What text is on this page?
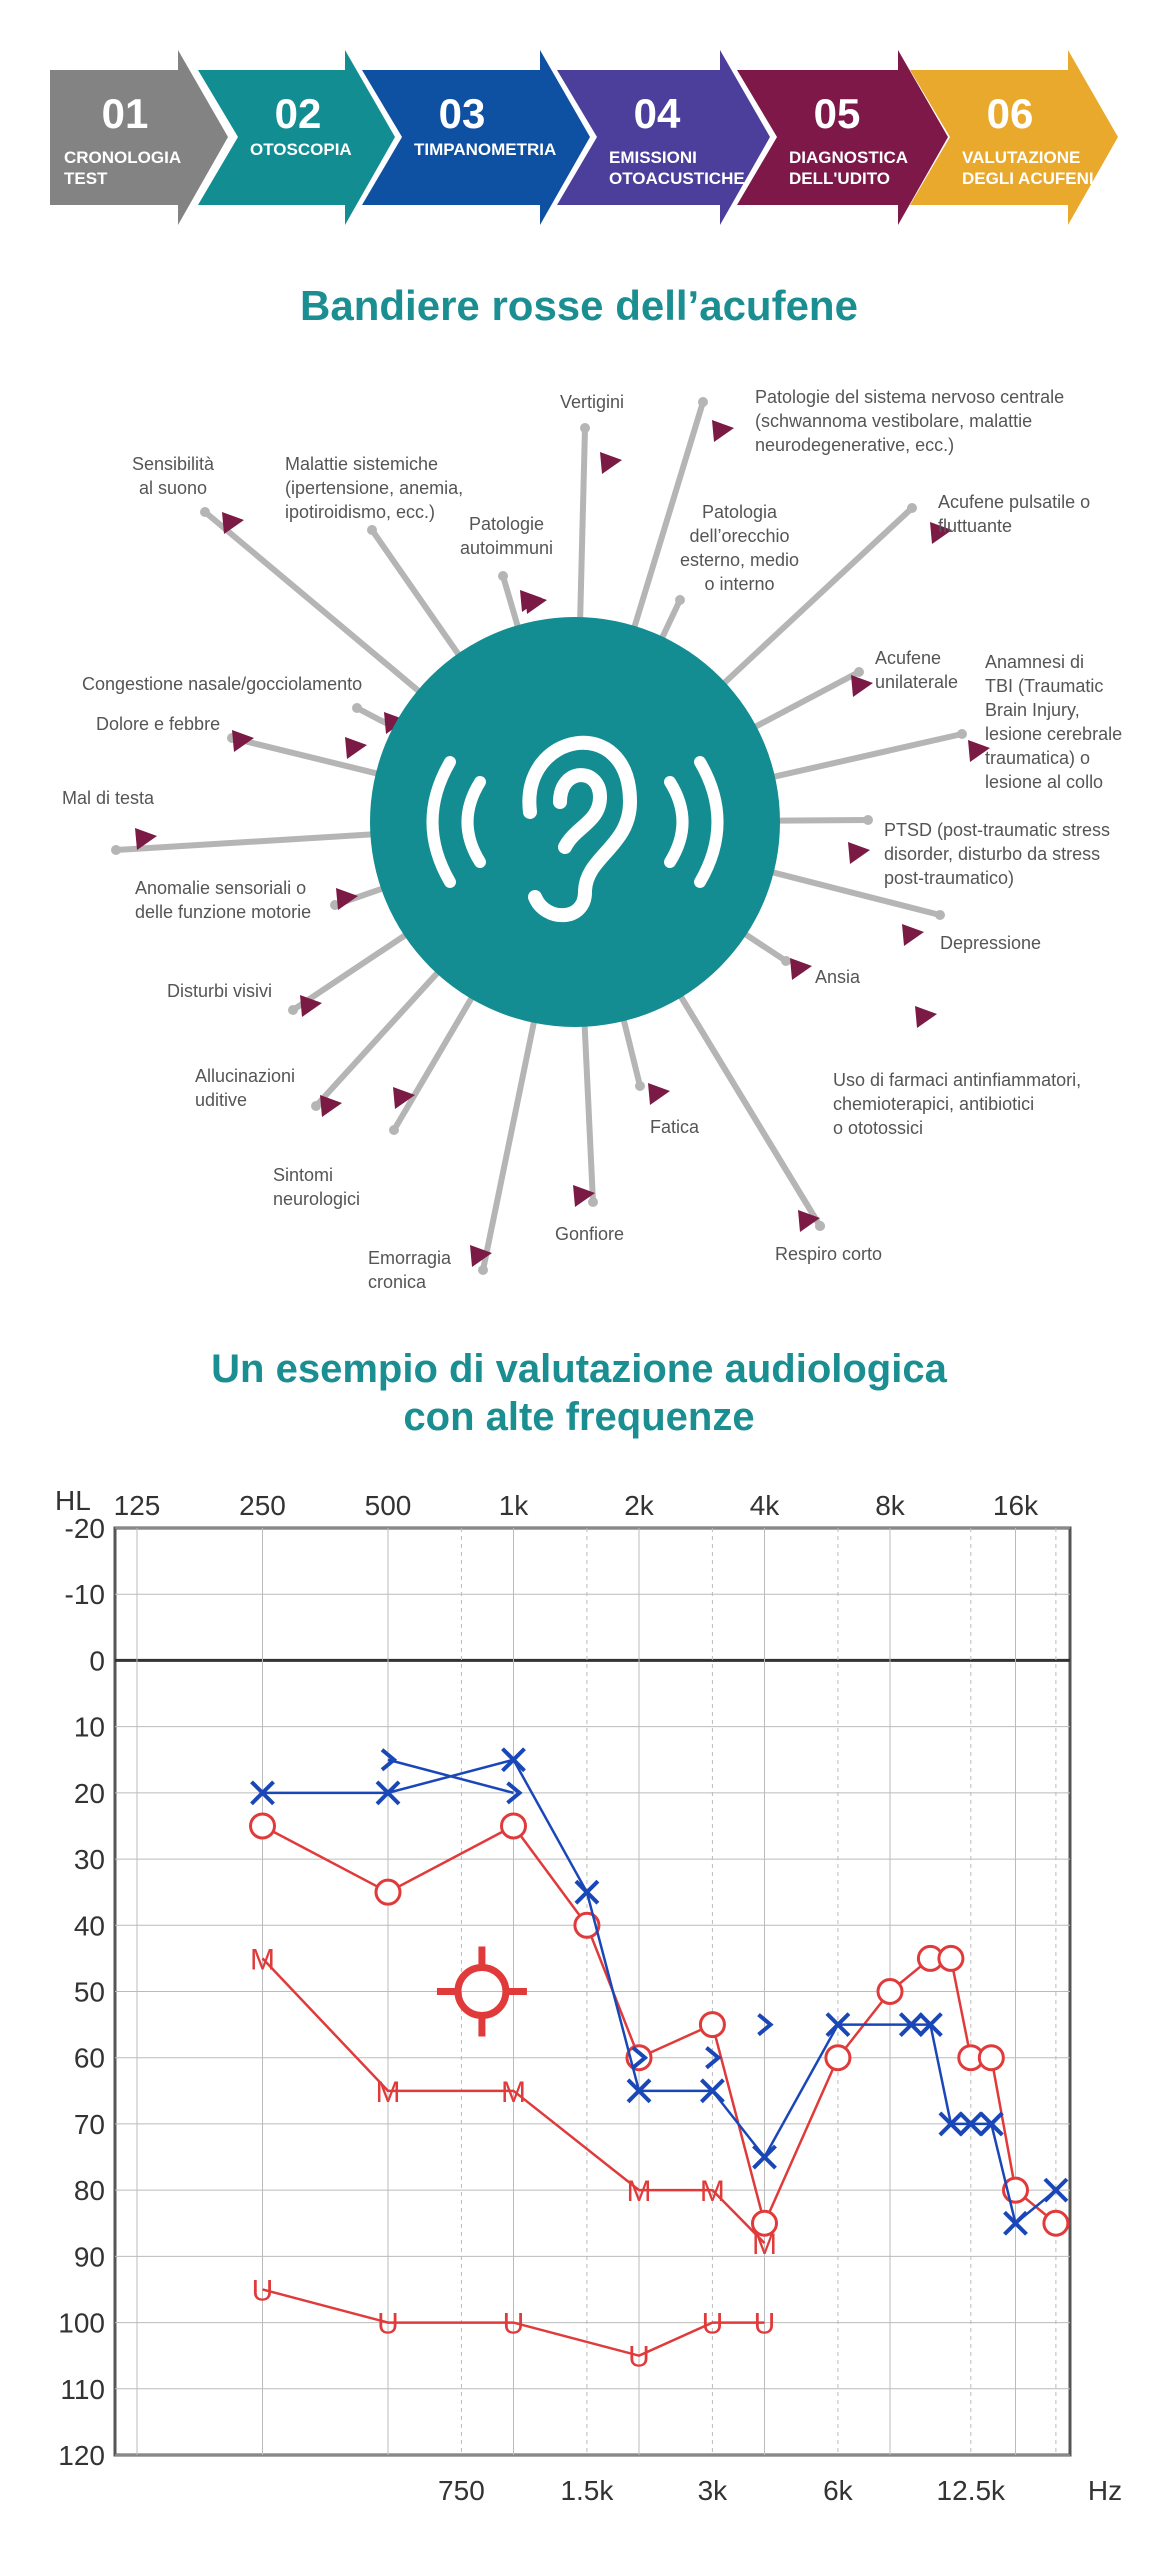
01
CRONOLOGIA
TEST
02
OTOSCOPIA
03
TIMPANOMETRIA
04
EMISSIONI
OTOACUSTICHE
05
DIAGNOSTICA
DELL'UDITO
06
VALUTAZIONE
DEGLI ACUFENI
Bandiere rosse dell’acufene
Vertigini	Patologie del sistema nervoso centrale
(schwannoma vestibolare, malattie
neurodegenerative, ecc.)
Sensibilità
al suono
Malattie sistemiche
(ipertensione, anemia,
ipotiroidismo, ecc.)
Patologie
autoimmuni
Patologia
dell’orecchio
esterno, medio
o interno
Acufene pulsatile o
fluttuante
Congestione nasale/gocciolamento
Dolore e febbre
Acufene
unilaterale
Anamnesi di
TBI (Traumatic
Brain Injury,
lesione cerebrale
traumatica) o
lesione al collo
Mal di testa
PTSD (post-traumatic stress
disorder, disturbo da stress
post-traumatico)
Anomalie sensoriali o
delle funzione motorie
Depressione
Disturbi visivi
Ansia
Allucinazioni
uditive
Uso di farmaci antinfiammatori,
chemioterapici, antibiotici
o ototossici
Fatica
Sintomi
neurologici
Gonfiore
Respiro corto
Emorragia
cronica
Un esempio di valutazione audiologica
con alte frequenze
HL 125	250	500	1k	2k	4k	8k	16k
750	1.5k	3k	6k	12.5k	Hz
-20
-10
0
10
20
30
40
50
60
70
80
90
100
110
120
M
M	M
M M
M
U
U	U
U
U U
